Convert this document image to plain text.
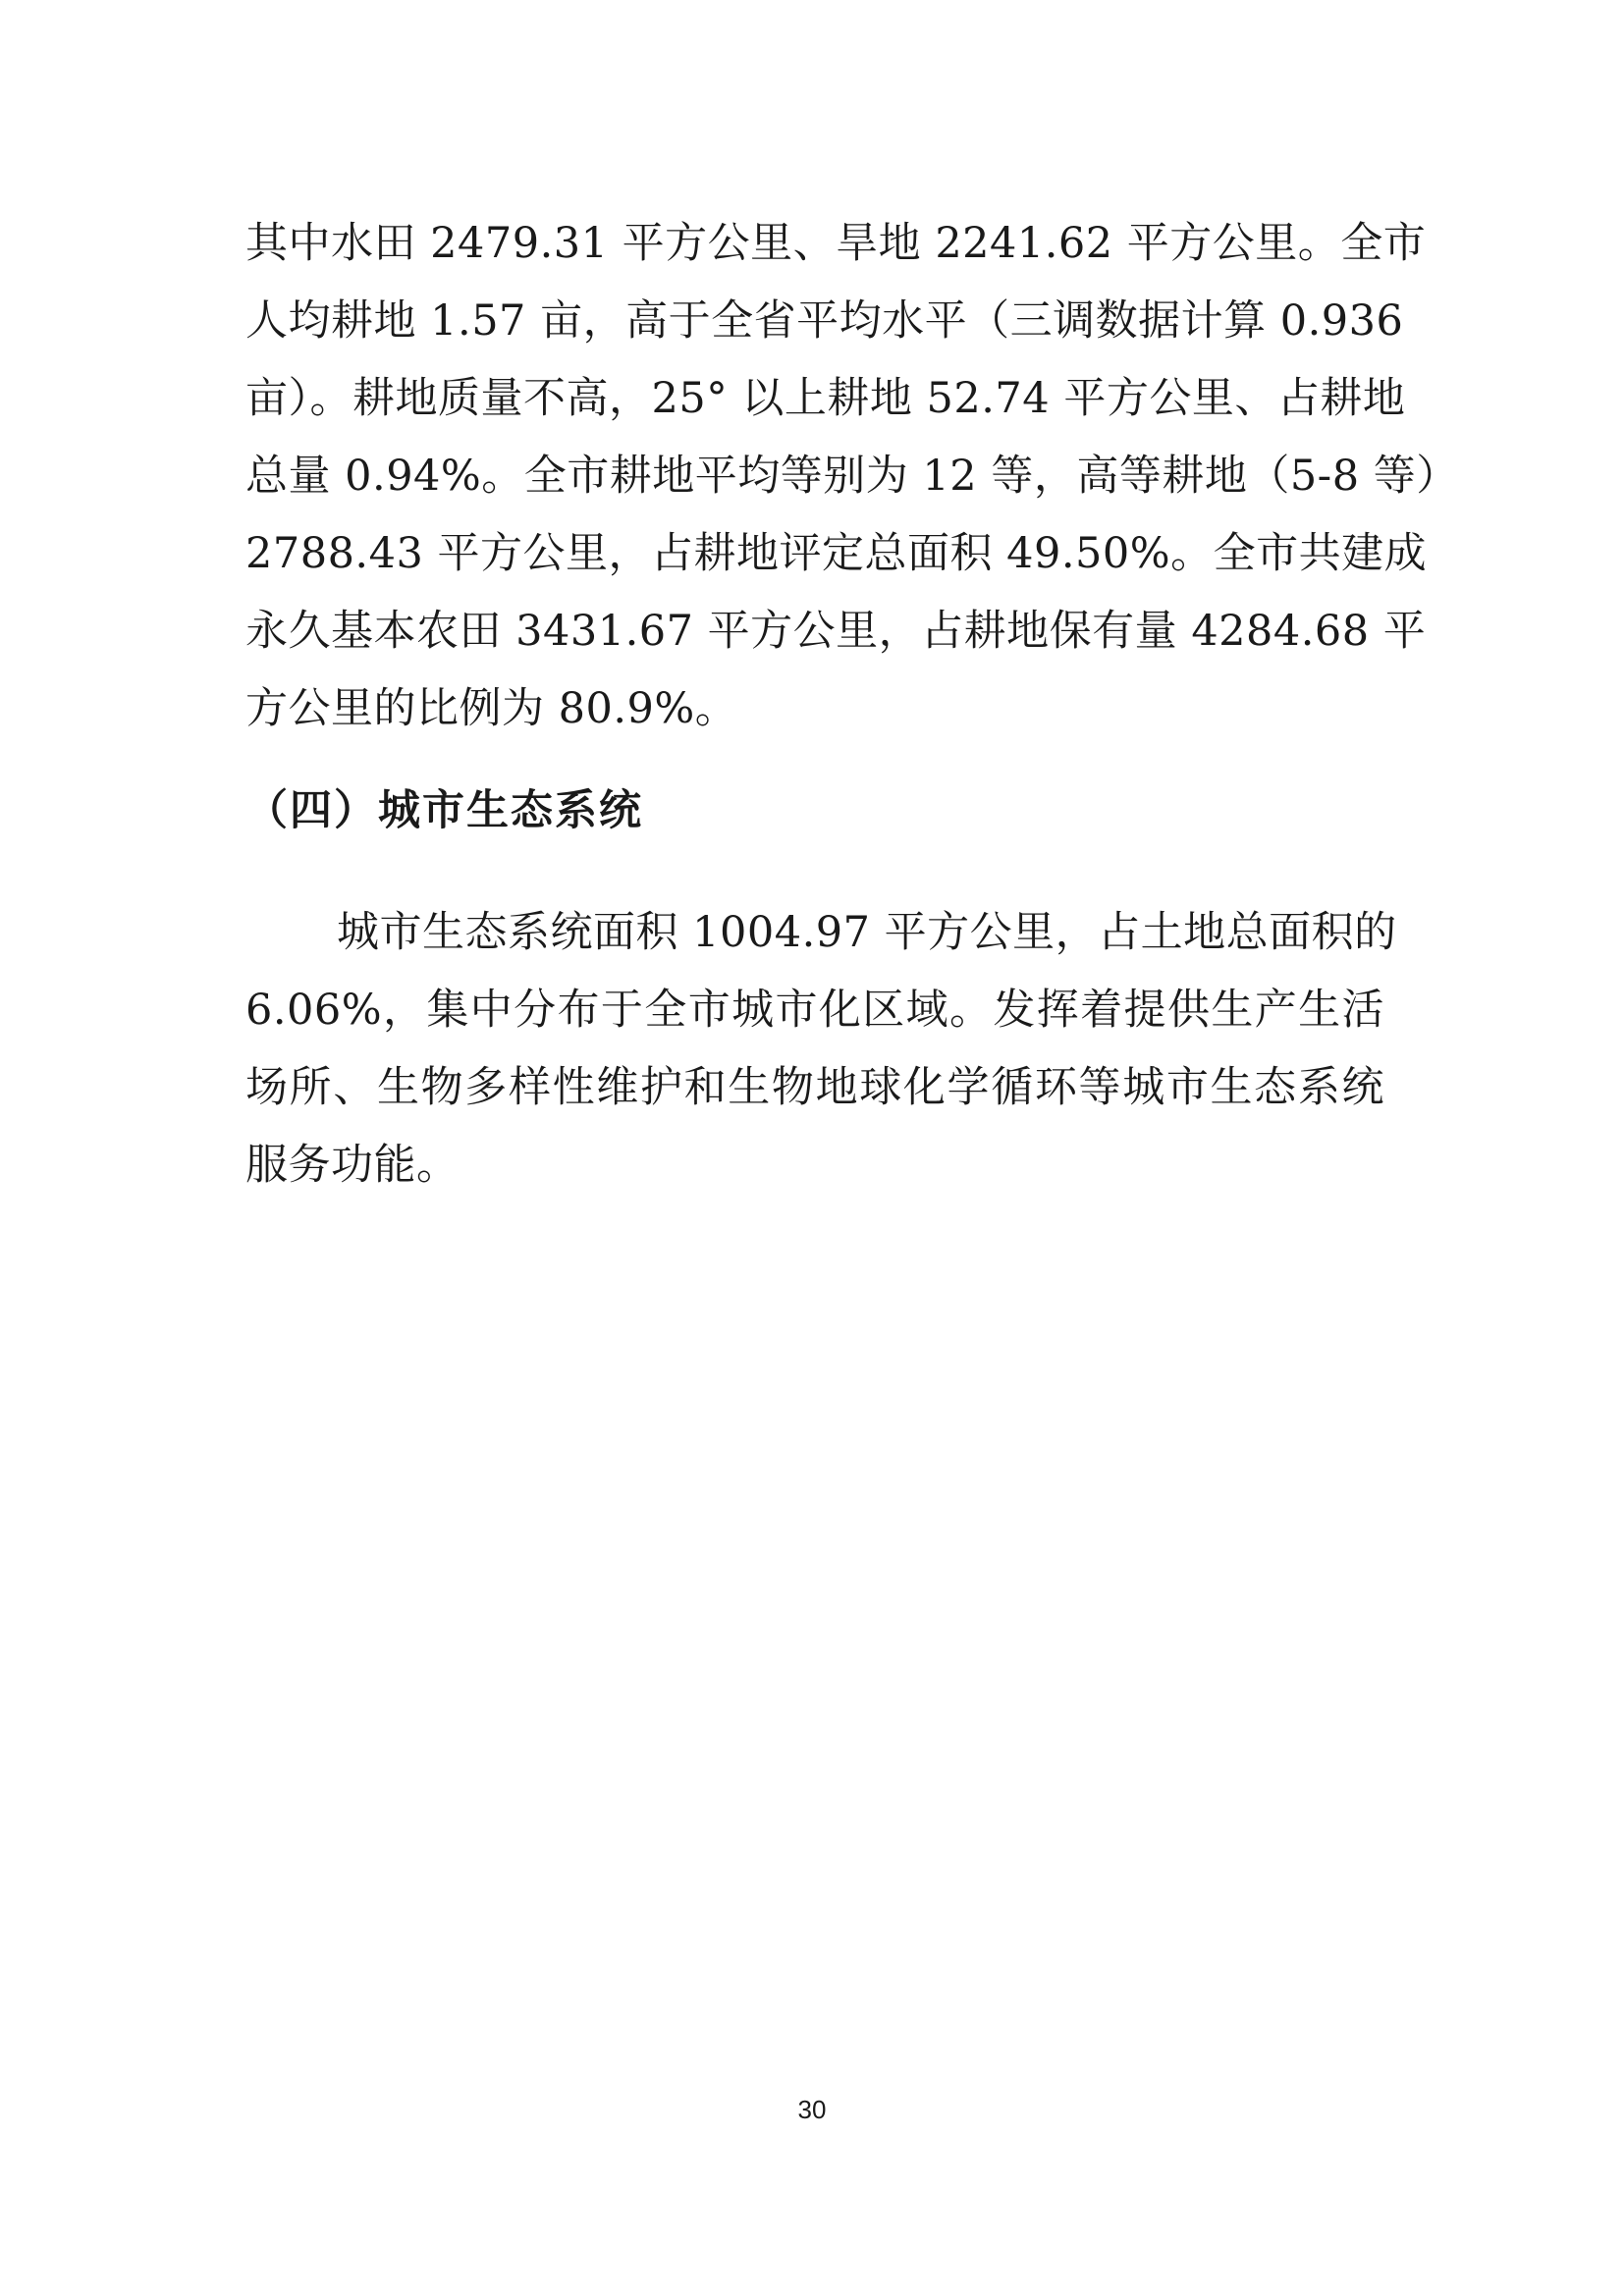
其中水田 2479.31 平方公里、旱地 2241.62 平方公里。全市
人均耕地 1.57 亩，高于全省平均水平（三调数据计算 0.936
亩）。耕地质量不高，25° 以上耕地 52.74 平方公里、占耕地
总量 0.94%。全市耕地平均等别为 12 等，高等耕地（5-8 等）
2788.43 平方公里，占耕地评定总面积 49.50%。全市共建成
永久基本农田 3431.67 平方公里，占耕地保有量 4284.68 平
方公里的比例为 80.9%。
（四）城市生态系统
城市生态系统面积 1004.97 平方公里，占土地总面积的
6.06%，集中分布于全市城市化区域。发挥着提供生产生活
场所、生物多样性维护和生物地球化学循环等城市生态系统
服务功能。
30
